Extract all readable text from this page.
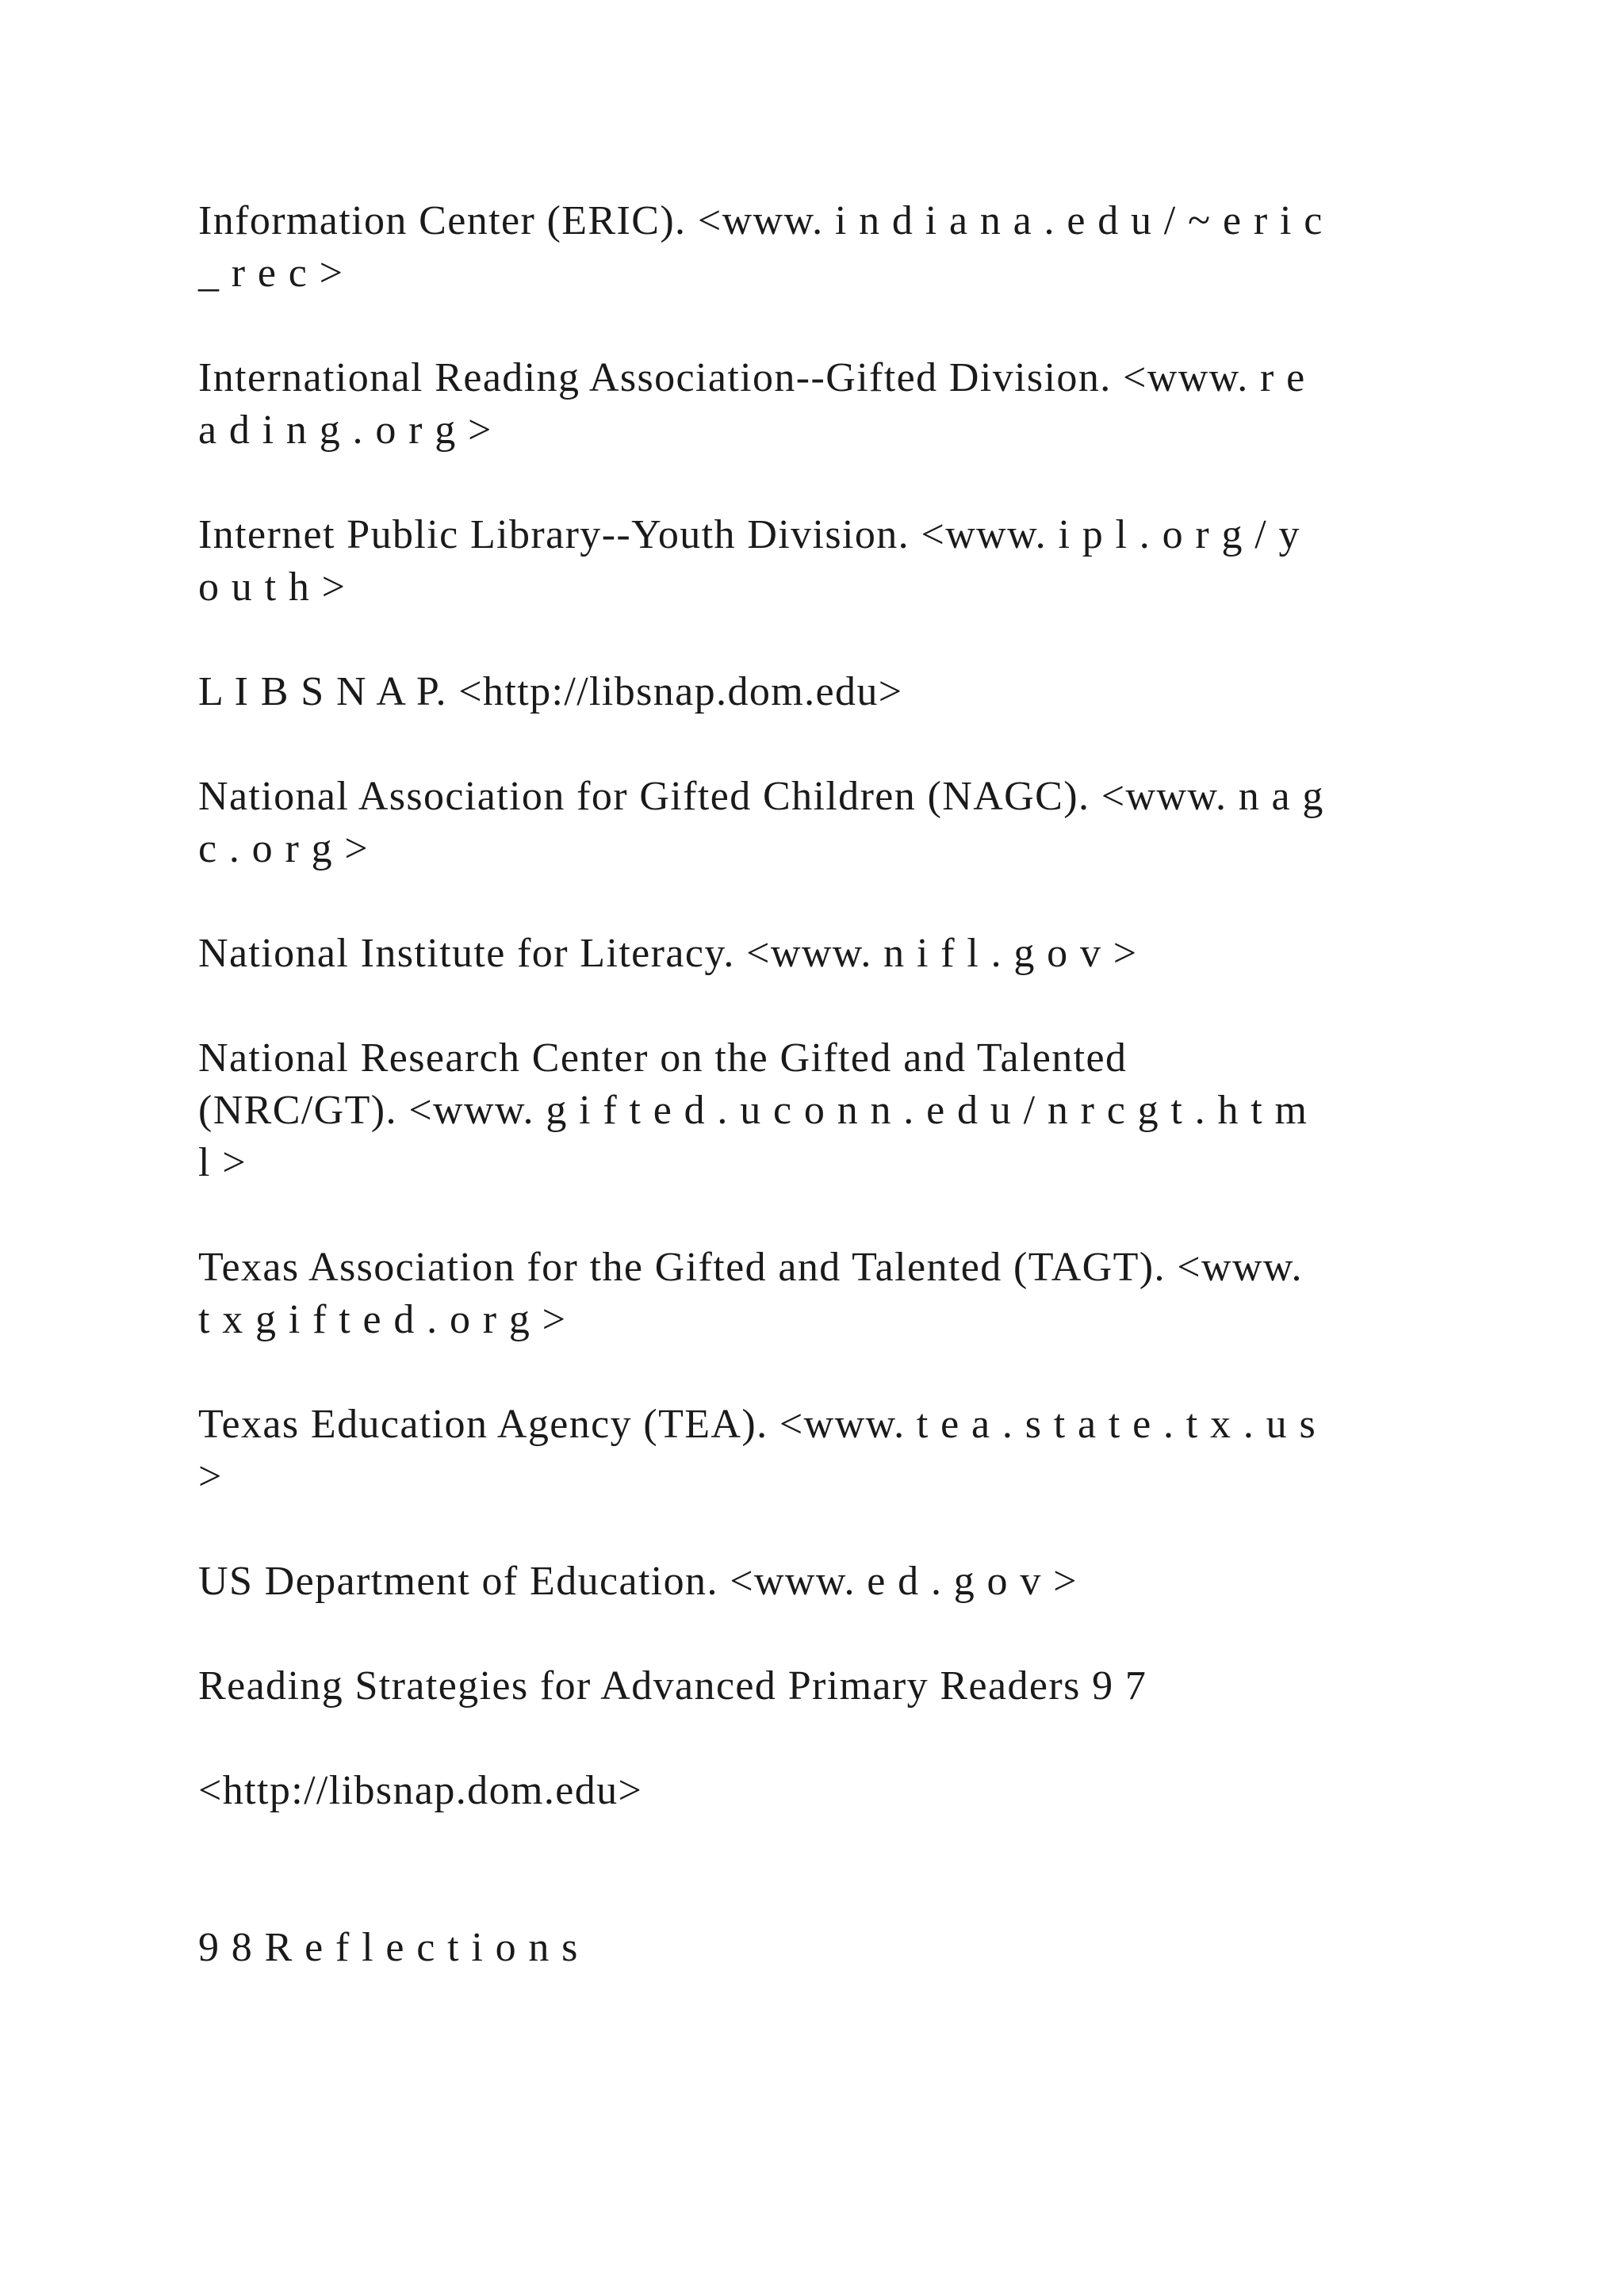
Information Center (ERIC). <www. i n d i a n a . e d u / ~ e r i c
_ r e c >

International Reading Association--Gifted Division. <www. r e
a d i n g . o r g >

Internet Public Library--Youth Division. <www. i p l . o r g / y
o u t h >

L I B S N A P. <http://libsnap.dom.edu>

National Association for Gifted Children (NAGC). <www. n a g
c . o r g >

National Institute for Literacy. <www. n i f l . g o v >

National Research Center on the Gifted and Talented
(NRC/GT). <www. g i f t e d . u c o n n . e d u / n r c g t . h t m
l >

Texas Association for the Gifted and Talented (TAGT). <www.
t x g i f t e d . o r g >

Texas Education Agency (TEA). <www. t e a . s t a t e . t x . u s
>

US Department of Education. <www. e d . g o v >

Reading Strategies for Advanced Primary Readers 9 7

<http://libsnap.dom.edu>

9 8 R e f l e c t i o n s
